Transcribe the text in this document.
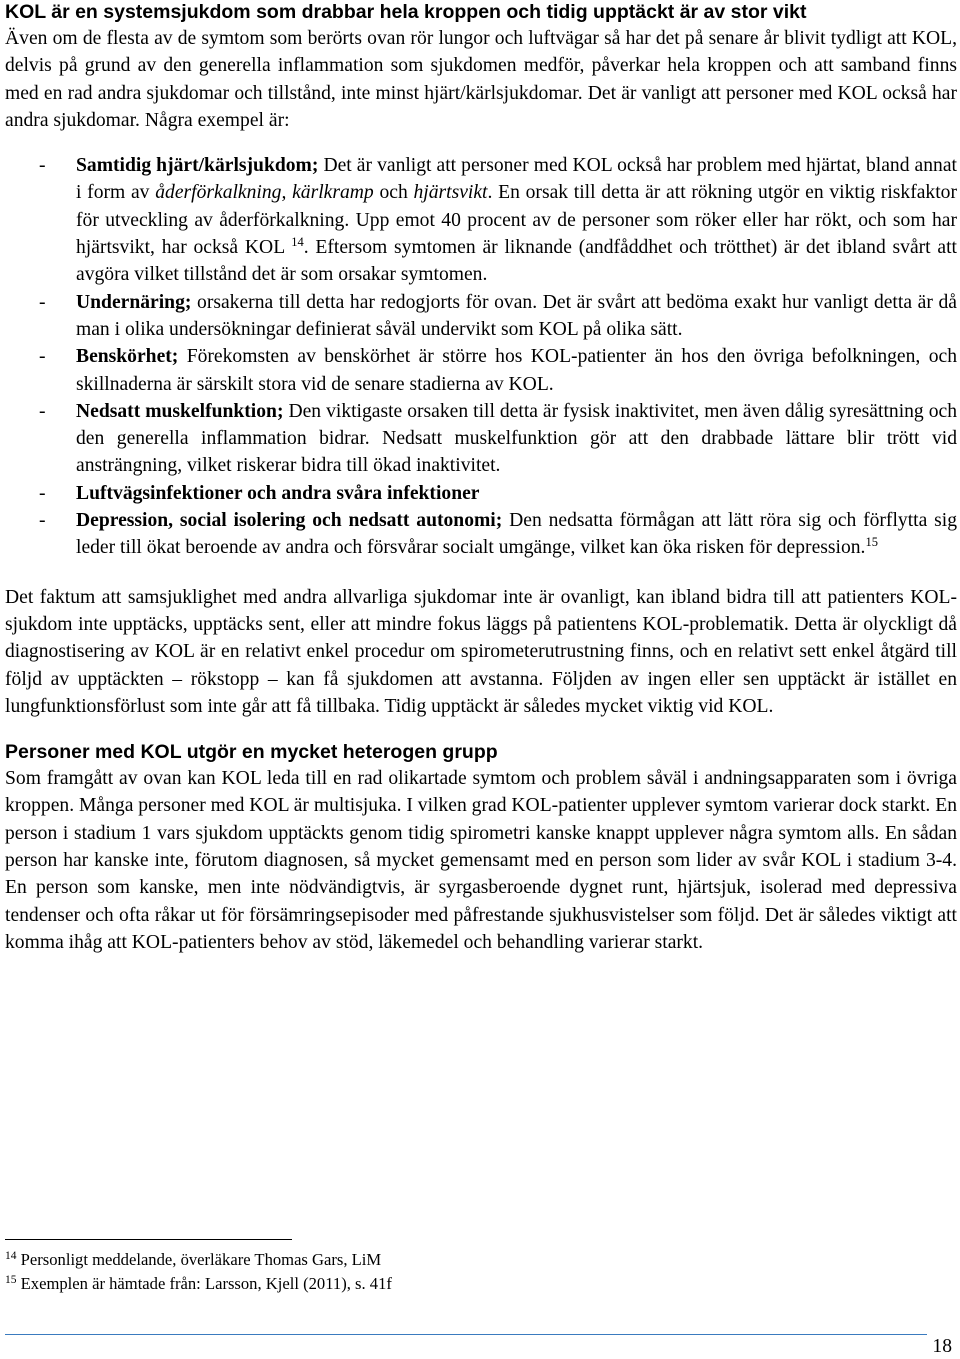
KOL är en systemsjukdom som drabbar hela kroppen och tidig upptäckt är av stor vikt

Även om de flesta av de symtom som berörts ovan rör lungor och luftvägar så har det på senare år blivit tydligt att KOL, delvis på grund av den generella inflammation som sjukdomen medför, påverkar hela kroppen och att samband finns med en rad andra sjukdomar och tillstånd, inte minst hjärt/kärlsjukdomar. Det är vanligt att personer med KOL också har andra sjukdomar. Några exempel är:

- Samtidig hjärt/kärlsjukdom; Det är vanligt att personer med KOL också har problem med hjärtat, bland annat i form av åderförkalkning, kärlkramp och hjärtsvikt. En orsak till detta är att rökning utgör en viktig riskfaktor för utveckling av åderförkalkning. Upp emot 40 procent av de personer som röker eller har rökt, och som har hjärtsvikt, har också KOL $^{14}$. Eftersom symtomen är liknande (andfåddhet och trötthet) är det ibland svårt att avgöra vilket tillstånd det är som orsakar symtomen.
- Undernäring; orsakerna till detta har redogjorts för ovan. Det är svårt att bedöma exakt hur vanligt detta är då man i olika undersökningar definierat såväl undervikt som KOL på olika sätt.
- Benskörhet; Förekomsten av benskörhet är större hos KOL-patienter än hos den övriga befolkningen, och skillnaderna är särskilt stora vid de senare stadierna av KOL.
- Nedsatt muskelfunktion; Den viktigaste orsaken till detta är fysisk inaktivitet, men även dålig syresättning och den generella inflammation bidrar. Nedsatt muskelfunktion gör att den drabbade lättare blir trött vid ansträngning, vilket riskerar bidra till ökad inaktivitet.
- Luftvägsinfektioner och andra svåra infektioner
- Depression, social isolering och nedsatt autonomi; Den nedsatta förmågan att lätt röra sig och förflytta sig leder till ökat beroende av andra och försvårar socialt umgänge, vilket kan öka risken för depression.$^{15}$

Det faktum att samsjuklighet med andra allvarliga sjukdomar inte är ovanligt, kan ibland bidra till att patienters KOL-sjukdom inte upptäcks, upptäcks sent, eller att mindre fokus läggs på patientens KOL-problematik. Detta är olyckligt då diagnostisering av KOL är en relativt enkel procedur om spirometerutrustning finns, och en relativt sett enkel åtgärd till följd av upptäckten – rökstopp – kan få sjukdomen att avstanna. Följden av ingen eller sen upptäckt är istället en lungfunktionsförlust som inte går att få tillbaka. Tidig upptäckt är således mycket viktig vid KOL.

Personer med KOL utgör en mycket heterogen grupp

Som framgått av ovan kan KOL leda till en rad olikartade symtom och problem såväl i andningsapparaten som i övriga kroppen. Många personer med KOL är multisjuka. I vilken grad KOL-patienter upplever symtom varierar dock starkt. En person i stadium 1 vars sjukdom upptäckts genom tidig spirometri kanske knappt upplever några symtom alls. En sådan person har kanske inte, förutom diagnosen, så mycket gemensamt med en person som lider av svår KOL i stadium 3-4. En person som kanske, men inte nödvändigtvis, är syrgasberoende dygnet runt, hjärtsjuk, isolerad med depressiva tendenser och ofta råkar ut för försämringsepisoder med påfrestande sjukhusvistelser som följd. Det är således viktigt att komma ihåg att KOL-patienters behov av stöd, läkemedel och behandling varierar starkt.

$^{14}$ Personligt meddelande, överläkare Thomas Gars, LiM
$^{15}$ Exemplen är hämtade från: Larsson, Kjell (2011), s. 41f
18
